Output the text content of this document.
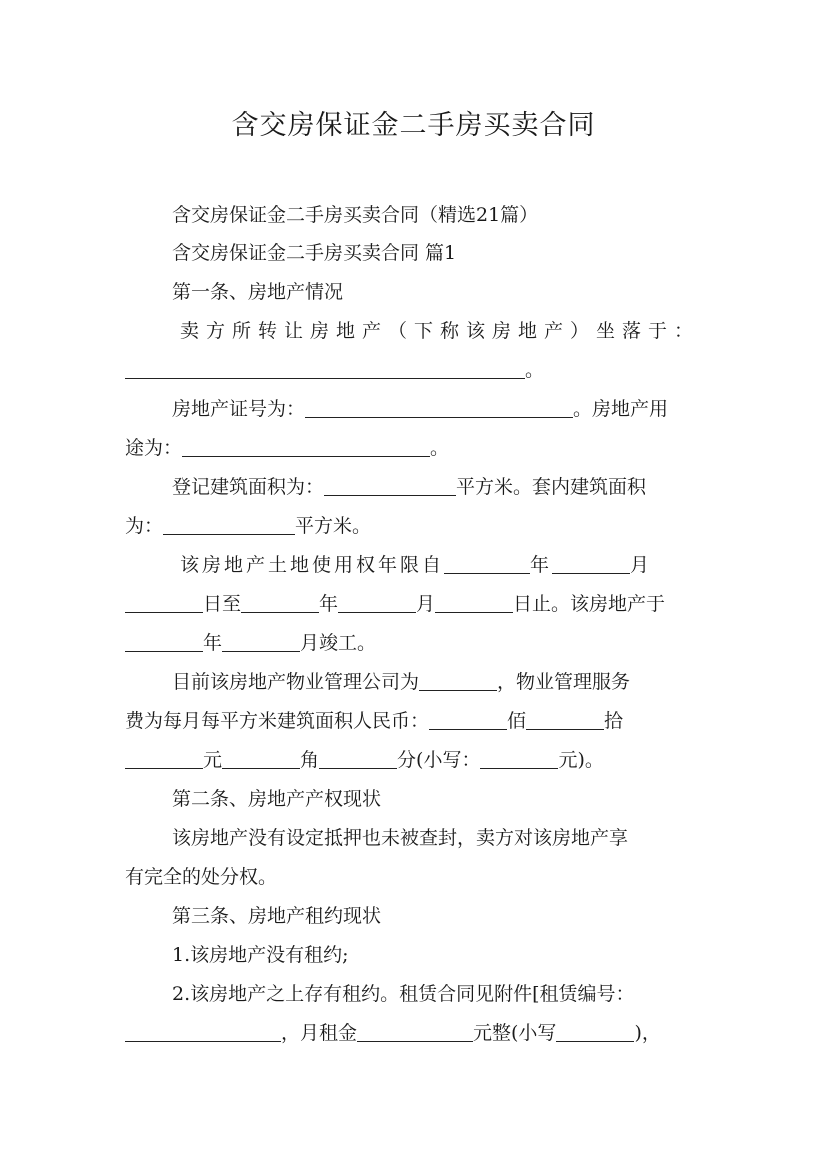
含交房保证金二手房买卖合同

含交房保证金二手房买卖合同（精选21篇）

含交房保证金二手房买卖合同 篇1

第一条、房地产情况

卖方所转让房地产（下称该房地产）坐落于：

。

房地产证号为：	。房地产用

途为：	。

登记建筑面积为：	平方米。套内建筑面积

为：	平方米。

该房地产土地使用权年限自	年	月

日至	年	月	日止。该房地产于

年	月竣工。

目前该房地产物业管理公司为	，物业管理服务

费为每月每平方米建筑面积人民币：	佰	拾

元	角	分(小写：	元)。

第二条、房地产产权现状

该房地产没有设定抵押也未被查封，卖方对该房地产享

有完全的处分权。

第三条、房地产租约现状

1.该房地产没有租约;

2.该房地产之上存有租约。租赁合同见附件[租赁编号：

，月租金	元整(小写	)，
